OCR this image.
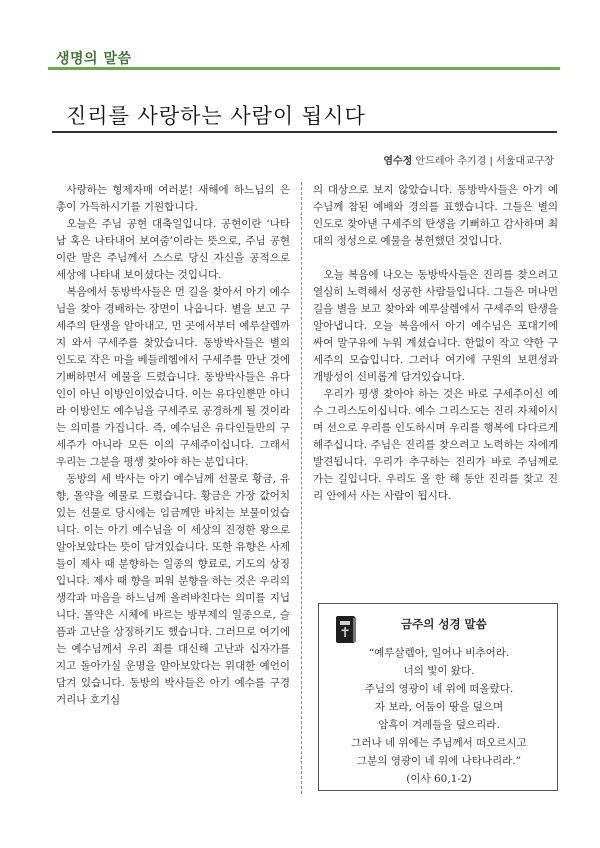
생명의 말씀
진리를 사랑하는 사람이 됩시다
염수정 안드레아 추기경 | 서울대교구장

사랑하는 형제자매 여러분! 새해에 하느님의 은총이 가득하시기를 기원합니다.

오늘은 주님 공현 대축일입니다. 공현이란 ‘나타남 혹은 나타내어 보여줌’이라는 뜻으로, 주님 공현이란 말은 주님께서 스스로 당신 자신을 공적으로 세상에 나타내 보이셨다는 것입니다.

복음에서 동방박사들은 먼 길을 찾아서 아기 예수님을 찾아 경배하는 장면이 나옵니다. 별을 보고 구세주의 탄생을 알아내고, 먼 곳에서부터 예루살렘까지 와서 구세주를 찾았습니다. 동방박사들은 별의 인도로 작은 마을 베들레헴에서 구세주를 만난 것에 기뻐하면서 예물을 드렸습니다. 동방박사들은 유다인이 아닌 이방인이었습니다. 이는 유다인뿐만 아니라 이방인도 예수님을 구세주로 공경하게 될 것이라는 의미를 가집니다. 즉, 예수님은 유다인들만의 구세주가 아니라 모든 이의 구세주이십니다. 그래서 우리는 그분을 평생 찾아야 하는 분입니다.

동방의 세 박사는 아기 예수님께 선물로 황금, 유향, 몰약을 예물로 드렸습니다. 황금은 가장 값어치 있는 선물로 당시에는 임금께만 바치는 보물이었습니다. 이는 아기 예수님을 이 세상의 진정한 왕으로 알아보았다는 뜻이 담겨있습니다. 또한 유향은 사제들이 제사 때 분향하는 일종의 향료로, 기도의 상징입니다. 제사 때 향을 피워 분향을 하는 것은 우리의 생각과 마음을 하느님께 올려바친다는 의미를 지닙니다. 몰약은 시체에 바르는 방부제의 일종으로, 슬픔과 고난을 상징하기도 했습니다. 그러므로 여기에는 예수님께서 우리 죄를 대신해 고난과 십자가를 지고 돌아가실 운명을 알아보았다는 위대한 예언이 담겨 있습니다. 동방의 박사들은 아기 예수를 구경거리나 호기심

의 대상으로 보지 않았습니다. 동방박사들은 아기 예수님께 참된 예배와 경의를 표했습니다. 그들은 별의 인도로 찾아낸 구세주의 탄생을 기뻐하고 감사하며 최대의 정성으로 예물을 봉헌했던 것입니다.

오늘 복음에 나오는 동방박사들은 진리를 찾으려고 열심히 노력해서 성공한 사람들입니다. 그들은 머나먼 길을 별을 보고 찾아와 예루살렘에서 구세주의 탄생을 알아냅니다. 오늘 복음에서 아기 예수님은 포대기에 싸여 말구유에 누워 계셨습니다. 한없이 작고 약한 구세주의 모습입니다. 그러나 여기에 구원의 보편성과 개방성이 신비롭게 담겨있습니다.

우리가 평생 찾아야 하는 것은 바로 구세주이신 예수 그리스도이십니다. 예수 그리스도는 진리 자체이시며 선으로 우리를 인도하시며 우리를 행복에 다다르게 해주십니다. 주님은 진리를 찾으려고 노력하는 자에게 발견됩니다. 우리가 추구하는 진리가 바로 주님께로 가는 길입니다. 우리도 올 한 해 동안 진리를 찾고 진리 안에서 사는 사람이 됩시다.

금주의 성경 말씀
“예루살렘아, 일어나 비추어라.
너의 빛이 왔다.
주님의 영광이 네 위에 떠올랐다.
자 보라, 어둠이 땅을 덮으며
암흑이 겨레들을 덮으리라.
그러나 네 위에는 주님께서 떠오르시고
그분의 영광이 네 위에 나타나리라.”
(이사 60,1-2)
